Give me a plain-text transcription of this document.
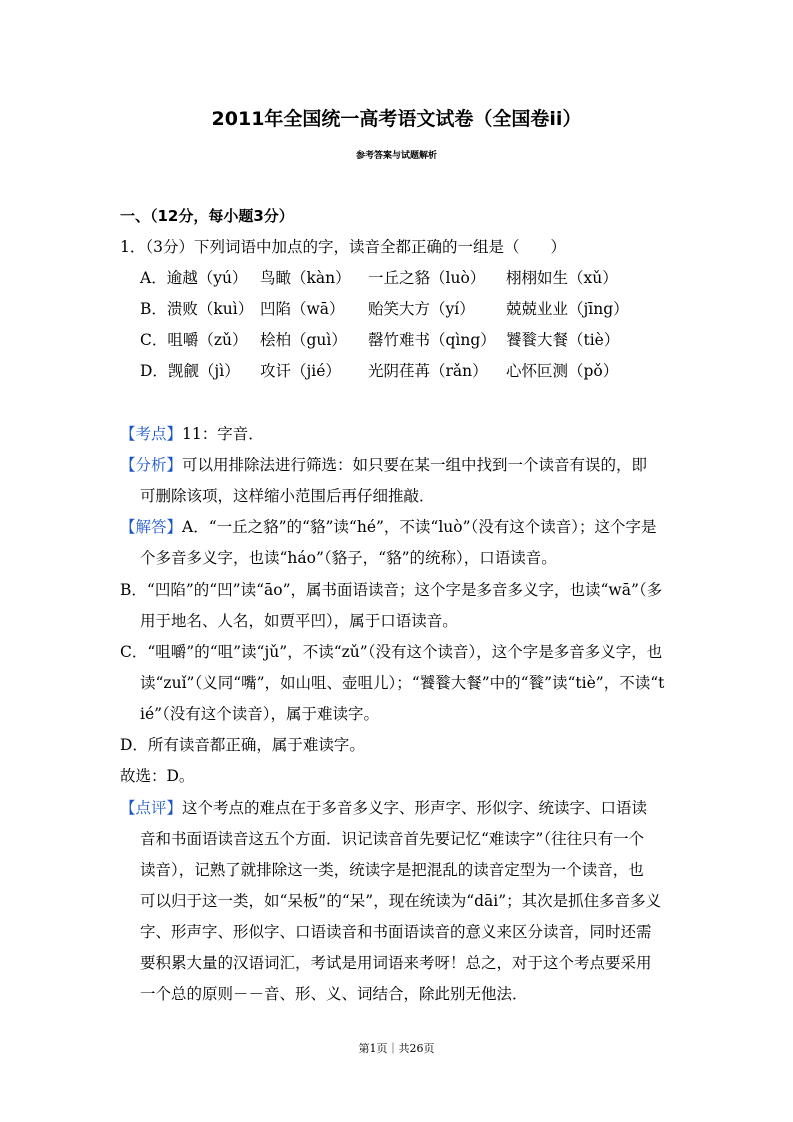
2011年全国统一高考语文试卷（全国卷ii）
参考答案与试题解析
一、（12分，每小题3分）
1．（3分）下列词语中加点的字，读音全都正确的一组是（　　）
A．逾越（yú） 鸟瞰（kàn） 一丘之貉（luò） 栩栩如生（xǔ）
B．溃败（kuì） 凹陷（wā） 贻笑大方（yí） 兢兢业业（jīng）
C．咀嚼（zǔ） 桧柏（guì） 罄竹难书（qìng） 饕餮大餐（tiè）
D．觊觎（jì） 攻讦（jié） 光阴荏苒（rǎn） 心怀叵测（pǒ）
【考点】11：字音．
【分析】可以用排除法进行筛选：如只要在某一组中找到一个读音有误的，即
可删除该项，这样缩小范围后再仔细推敲．
【解答】A．“一丘之貉”的“貉”读“hé”，不读“luò”（没有这个读音）；这个字是
个多音多义字，也读“háo”（貉子，“貉”的统称），口语读音。
B．“凹陷”的“凹”读“āo”，属书面语读音；这个字是多音多义字，也读“wā”（多
用于地名、人名，如贾平凹），属于口语读音。
C．“咀嚼”的“咀”读“jǔ”，不读“zǔ”（没有这个读音），这个字是多音多义字，也
读“zuǐ”（义同“嘴”，如山咀、壶咀儿）；“饕餮大餐”中的“餮”读“tiè”，不读“t
ié”（没有这个读音），属于难读字。
D．所有读音都正确，属于难读字。
故选：D。
【点评】这个考点的难点在于多音多义字、形声字、形似字、统读字、口语读
音和书面语读音这五个方面．识记读音首先要记忆“难读字”（往往只有一个
读音），记熟了就排除这一类，统读字是把混乱的读音定型为一个读音，也
可以归于这一类，如“呆板”的“呆”，现在统读为“dāi”；其次是抓住多音多义
字、形声字、形似字、口语读音和书面语读音的意义来区分读音，同时还需
要积累大量的汉语词汇，考试是用词语来考呀！总之，对于这个考点要采用
一个总的原则－－音、形、义、词结合，除此别无他法．
第1页｜共26页
